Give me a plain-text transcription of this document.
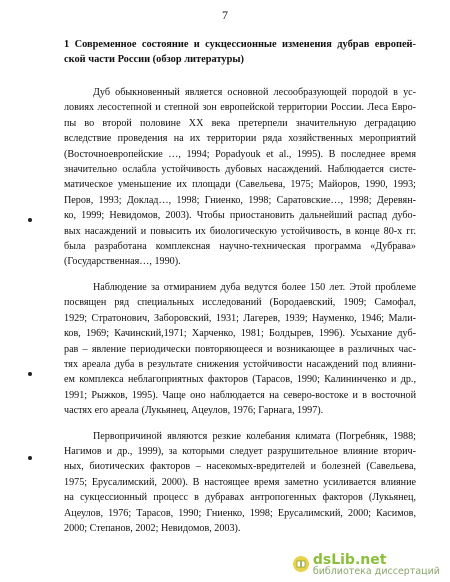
7
1 Современное состояние и сукцессионные изменения дубрав европей-
ской части России (обзор литературы)
Дуб обыкновенный является основной лесообразующей породой в ус-
ловиях лесостепной и степной зон европейской территории России. Леса Евро-
пы во второй половине XX века претерпели значительную деградацию
вследствие проведения на их территории ряда хозяйственных мероприятий
(Восточноевропейские …, 1994; Popadyouk et al., 1995). В последнее время
значительно ослабла устойчивость дубовых насаждений. Наблюдается систе-
матическое уменьшение их площади (Савельева, 1975; Майоров, 1990, 1993;
Перов, 1993; Доклад…, 1998; Гниенко, 1998; Саратовские…, 1998; Деревян-
ко, 1999; Невидомов, 2003). Чтобы приостановить дальнейший распад дубо-
вых насаждений и повысить их биологическую устойчивость, в конце 80-х гг.
была разработана комплексная научно-техническая программа «Дубрава»
(Государственная…, 1990).
Наблюдение за отмиранием дуба ведутся более 150 лет. Этой проблеме
посвящен ряд специальных исследований (Бородаевский, 1909; Самофал,
1929; Стратонович, Заборовский, 1931; Лагерев, 1939; Науменко, 1946; Мали-
ков, 1969; Качинский,1971; Харченко, 1981; Болдырев, 1996). Усыхание дуб-
рав – явление периодически повторяющееся и возникающее в различных час-
тях ареала дуба в результате снижения устойчивости насаждений под влияни-
ем комплекса неблагоприятных факторов (Тарасов, 1990; Калининченко и др.,
1991; Рыжков, 1995). Чаще оно наблюдается на северо-востоке и в восточной
частях его ареала (Лукьянец, Ацеулов, 1976; Гарнага, 1997).
Первопричиной являются резкие колебания климата (Погребняк, 1988;
Нагимов и др., 1999), за которыми следует разрушительное влияние вторич-
ных, биотических факторов – насекомых-вредителей и болезней (Савельева,
1975; Ерусалимский, 2000). В настоящее время заметно усиливается влияние
на сукцессионный процесс в дубравах антропогенных факторов (Лукьянец,
Ацеулов, 1976; Тарасов, 1990; Гниенко, 1998; Ерусалимский, 2000; Касимов,
2000; Степанов, 2002; Невидомов, 2003).
dsLib.net
библиотека диссертаций
